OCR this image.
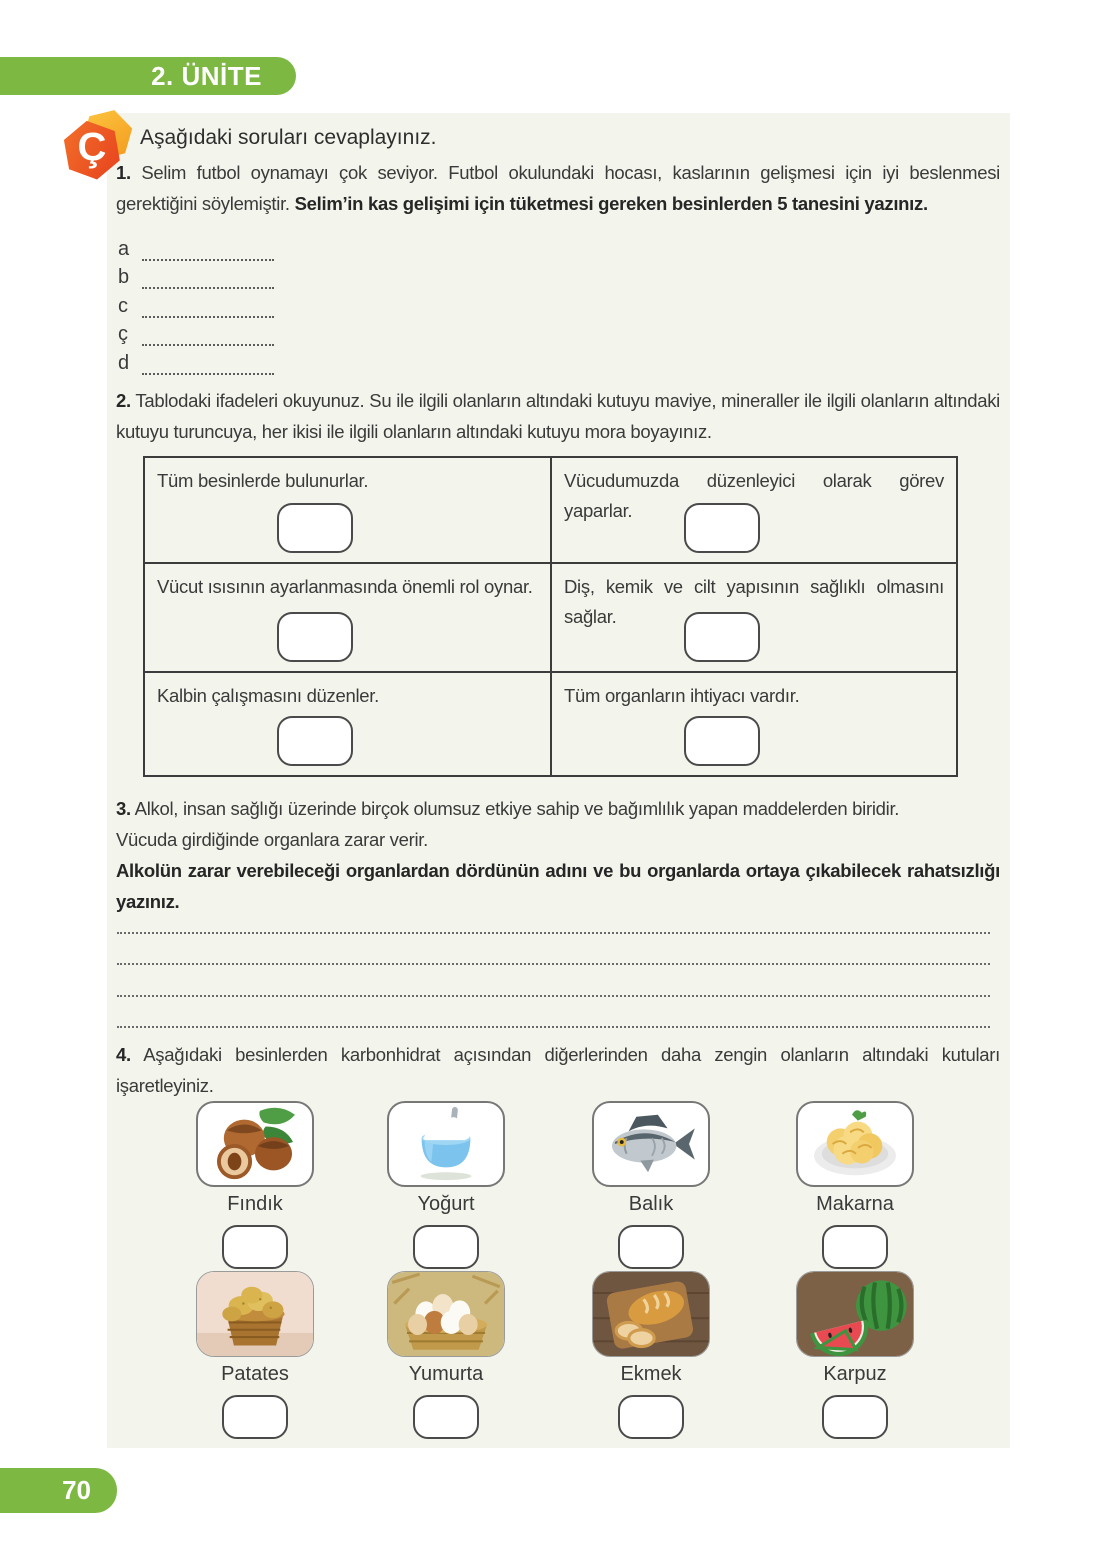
2. ÜNİTE
Ç	Aşağıdaki soruları cevaplayınız.

1. Selim futbol oynamayı çok seviyor. Futbol okulundaki hocası, kaslarının gelişmesi için iyi beslenmesi gerektiğini söylemiştir. Selim’in kas gelişimi için tüketmesi gereken besinlerden 5 tanesini yazınız.

a
b
c
ç
d

2. Tablodaki ifadeleri okuyunuz. Su ile ilgili olanların altındaki kutuyu maviye, mineraller ile ilgili olanların altındaki kutuyu turuncuya, her ikisi ile ilgili olanların altındaki kutuyu mora boyayınız.

Tüm besinlerde bulunurlar.	Vücudumuzda düzenleyici olarak görev yaparlar.
Vücut ısısının ayarlanmasında önemli rol oynar.	Diş, kemik ve cilt yapısının sağlıklı olmasını sağlar.
Kalbin çalışmasını düzenler.	Tüm organların ihtiyacı vardır.

3. Alkol, insan sağlığı üzerinde birçok olumsuz etkiye sahip ve bağımlılık yapan maddelerden biridir.
Vücuda girdiğinde organlara zarar verir.

Alkolün zarar verebileceği organlardan dördünün adını ve bu organlarda ortaya çıkabilecek rahatsızlığı yazınız.

4. Aşağıdaki besinlerden karbonhidrat açısından diğerlerinden daha zengin olanların altındaki kutuları işaretleyiniz.

Fındık	Yoğurt	Balık	Makarna
Patates	Yumurta	Ekmek	Karpuz
70
